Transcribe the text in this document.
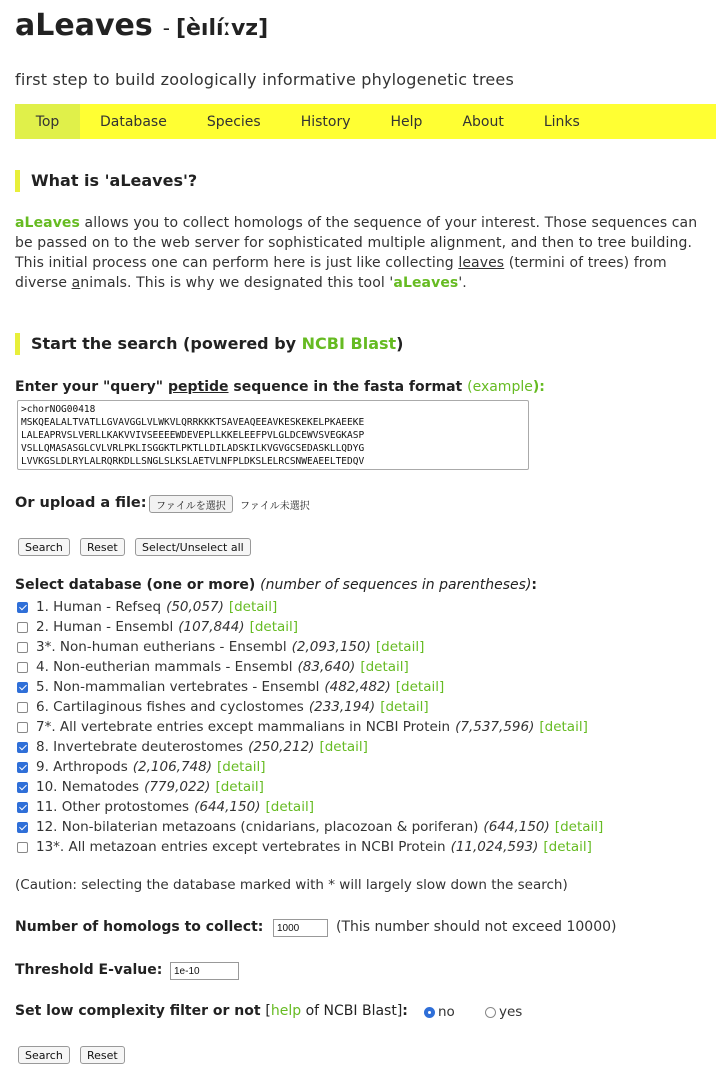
aLeaves - [èılíːvz]
first step to build zoologically informative phylogenetic trees
Top	Database	Species	History	Help	About	Links
What is 'aLeaves'?
aLeaves allows you to collect homologs of the sequence of your interest. Those sequences can be passed on to the web server for sophisticated multiple alignment, and then to tree building. This initial process one can perform here is just like collecting leaves (termini of trees) from diverse animals. This is why we designated this tool 'aLeaves'.
Start the search (powered by NCBI Blast)
Enter your "query" peptide sequence in the fasta format (example):
>chorNOG00418 MSKQEALALTVATLLGVAVGGLVLWKVLQRRKKKTSAVEAQEEAVKESKEKELPKAEEKE LALEAPRVSLVERLLKAKVVIVSEEEEWDEVEPLLKKELEEFPVLGLDCEWVSVEGKASP VSLLQMASASGLCVLVRLPKLISGGKTLPKTLLDILADSKILKVGVGCSEDASKLLQDYG LVVKGSLDLRYLALRQRKDLLSNGLSLKSLAETVLNFPLDKSLELRCSNWEAEELTEDQV
Or upload a file: ファイルを選択	ファイル未選択
Search	Reset	Select/Unselect all
Select database (one or more) (number of sequences in parentheses):
1. Human - Refseq (50,057) [detail]
2. Human - Ensembl (107,844) [detail]
3*. Non-human eutherians - Ensembl (2,093,150) [detail]
4. Non-eutherian mammals - Ensembl (83,640) [detail]
5. Non-mammalian vertebrates - Ensembl (482,482) [detail]
6. Cartilaginous fishes and cyclostomes (233,194) [detail]
7*. All vertebrate entries except mammalians in NCBI Protein (7,537,596) [detail]
8. Invertebrate deuterostomes (250,212) [detail]
9. Arthropods (2,106,748) [detail]
10. Nematodes (779,022) [detail]
11. Other protostomes (644,150) [detail]
12. Non-bilaterian metazoans (cnidarians, placozoan & poriferan) (644,150) [detail]
13*. All metazoan entries except vertebrates in NCBI Protein (11,024,593) [detail]
(Caution: selecting the database marked with * will largely slow down the search)
Number of homologs to collect:
1000	(This number should not exceed 10000)
Threshold E-value:
1e-10
Set low complexity filter or not [help of NCBI Blast]: no	yes
Search	Reset
